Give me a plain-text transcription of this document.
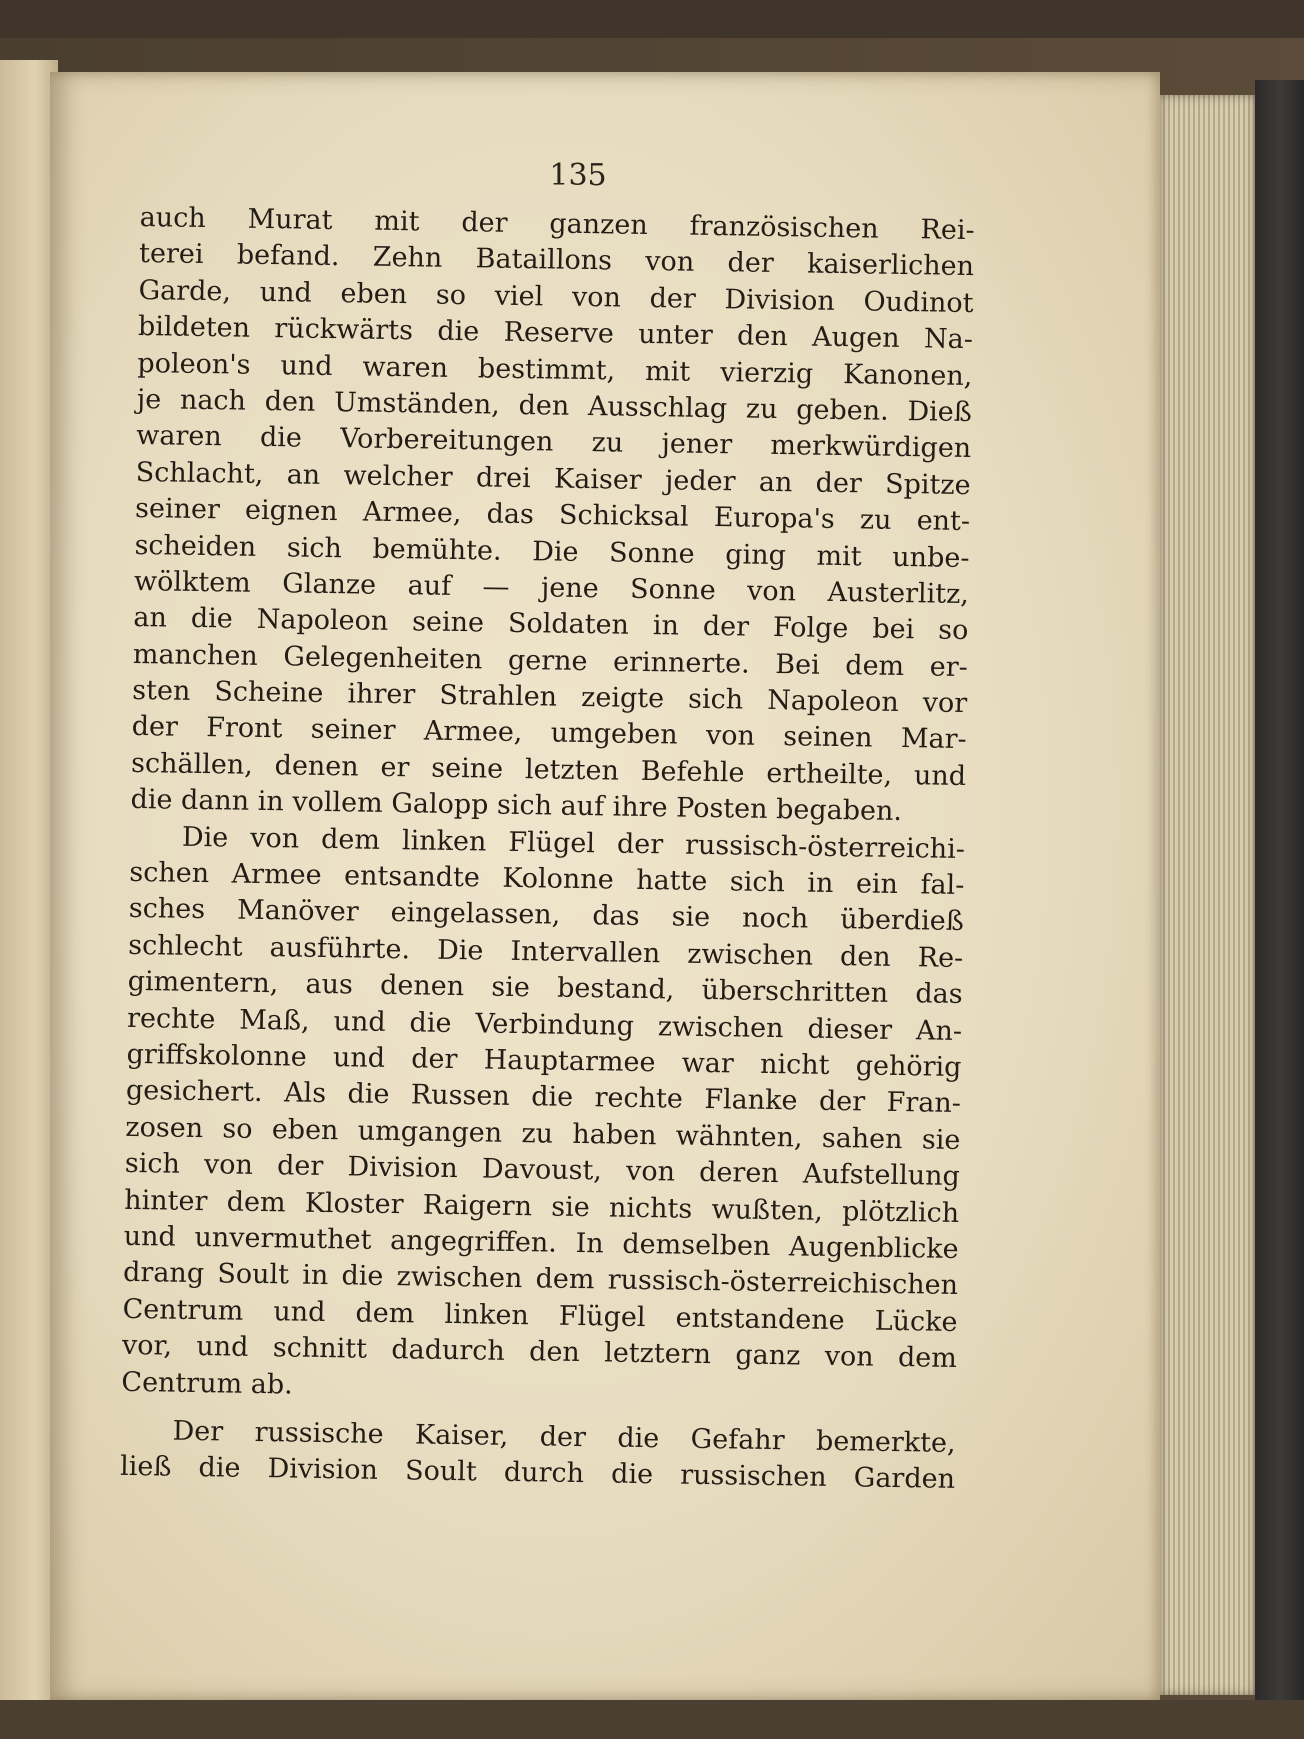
135
auch Murat mit der ganzen französischen Rei-
terei befand. Zehn Bataillons von der kaiserlichen
Garde, und eben so viel von der Division Oudinot
bildeten rückwärts die Reserve unter den Augen Na-
poleon's und waren bestimmt, mit vierzig Kanonen,
je nach den Umständen, den Ausschlag zu geben. Dieß
waren die Vorbereitungen zu jener merkwürdigen
Schlacht, an welcher drei Kaiser jeder an der Spitze
seiner eignen Armee, das Schicksal Europa's zu ent-
scheiden sich bemühte. Die Sonne ging mit unbe-
wölktem Glanze auf — jene Sonne von Austerlitz,
an die Napoleon seine Soldaten in der Folge bei so
manchen Gelegenheiten gerne erinnerte. Bei dem er-
sten Scheine ihrer Strahlen zeigte sich Napoleon vor
der Front seiner Armee, umgeben von seinen Mar-
schällen, denen er seine letzten Befehle ertheilte, und
die dann in vollem Galopp sich auf ihre Posten begaben.
Die von dem linken Flügel der russisch-österreichi-
schen Armee entsandte Kolonne hatte sich in ein fal-
sches Manöver eingelassen, das sie noch überdieß
schlecht ausführte. Die Intervallen zwischen den Re-
gimentern, aus denen sie bestand, überschritten das
rechte Maß, und die Verbindung zwischen dieser An-
griffskolonne und der Hauptarmee war nicht gehörig
gesichert. Als die Russen die rechte Flanke der Fran-
zosen so eben umgangen zu haben wähnten, sahen sie
sich von der Division Davoust, von deren Aufstellung
hinter dem Kloster Raigern sie nichts wußten, plötzlich
und unvermuthet angegriffen. In demselben Augenblicke
drang Soult in die zwischen dem russisch-österreichischen
Centrum und dem linken Flügel entstandene Lücke
vor, und schnitt dadurch den letztern ganz von dem
Centrum ab.
Der russische Kaiser, der die Gefahr bemerkte,
ließ die Division Soult durch die russischen Garden
